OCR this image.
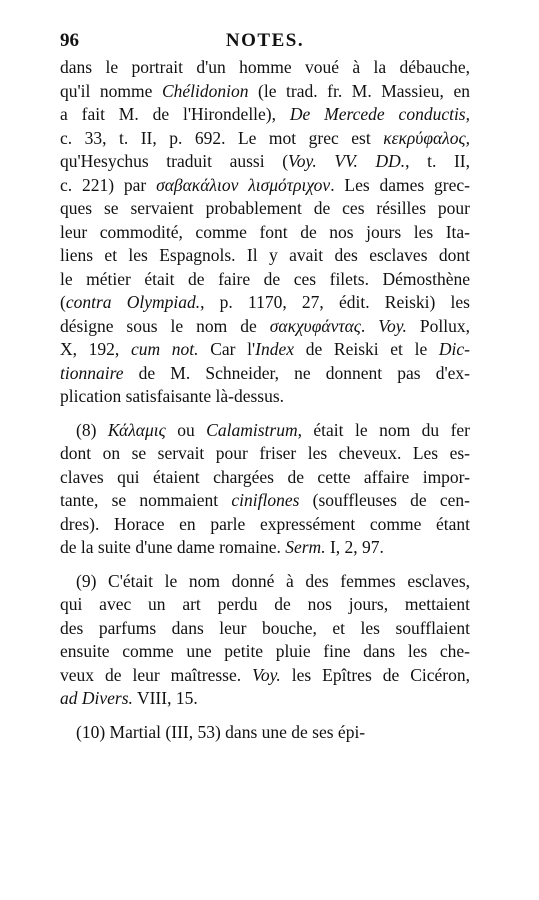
96	NOTES.

dans le portrait d'un homme voué à la débauche,
qu'il nomme Chélidonion (le trad. fr. M. Massieu, en
a fait M. de l'Hirondelle), De Mercede conductis,
c. 33, t. II, p. 692. Le mot grec est κεκρύφαλος,
qu'Hesychus traduit aussi (Voy. VV. DD., t. II,
c. 221) par σαβακάλιον λισμότριχον. Les dames grec-
ques se servaient probablement de ces résilles pour
leur commodité, comme font de nos jours les Ita-
liens et les Espagnols. Il y avait des esclaves dont
le métier était de faire de ces filets. Démosthène
(contra Olympiad., p. 1170, 27, édit. Reiski) les
désigne sous le nom de σακχυφάντας. Voy. Pollux,
X, 192, cum not. Car l'Index de Reiski et le Dic-
tionnaire de M. Schneider, ne donnent pas d'ex-
plication satisfaisante là-dessus.

(8) Κάλαμις ou Calamistrum, était le nom du fer
dont on se servait pour friser les cheveux. Les es-
claves qui étaient chargées de cette affaire impor-
tante, se nommaient ciniflones (souffleuses de cen-
dres). Horace en parle expressément comme étant
de la suite d'une dame romaine. Serm. I, 2, 97.

(9) C'était le nom donné à des femmes esclaves,
qui avec un art perdu de nos jours, mettaient
des parfums dans leur bouche, et les soufflaient
ensuite comme une petite pluie fine dans les che-
veux de leur maîtresse. Voy. les Epîtres de Cicéron,
ad Divers. VIII, 15.

(10) Martial (III, 53) dans une de ses épi-
